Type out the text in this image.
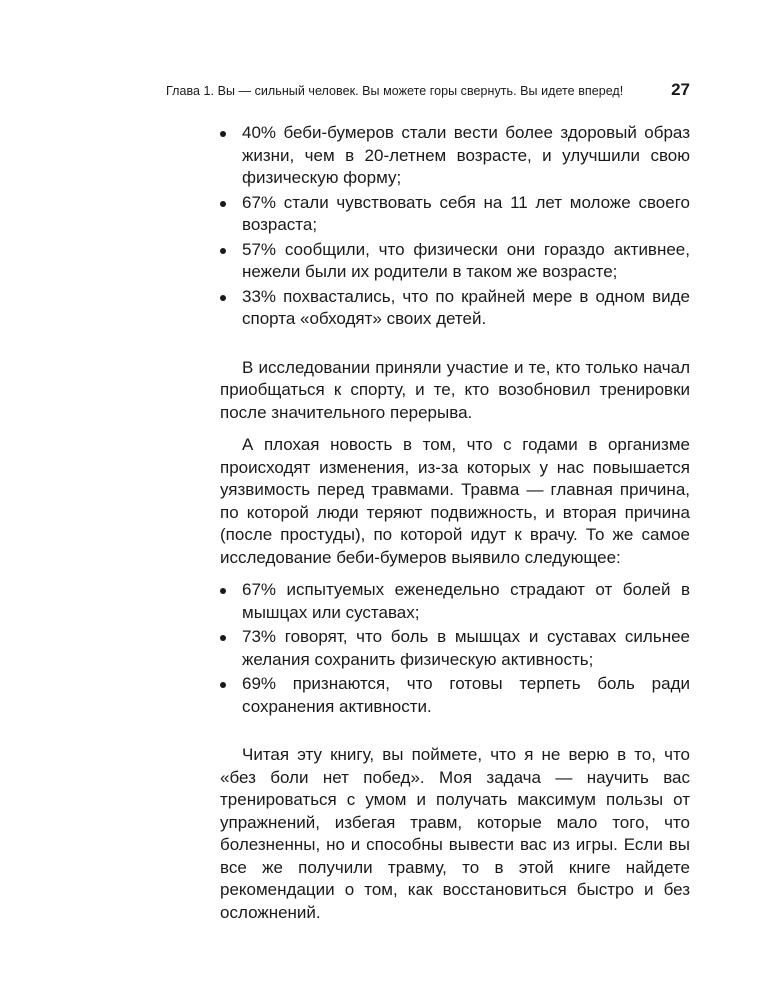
Глава 1. Вы — сильный человек. Вы можете горы свернуть. Вы идете вперед!	27
40% беби-бумеров стали вести более здоровый образ жизни, чем в 20-летнем возрасте, и улучшили свою физическую форму;
67% стали чувствовать себя на 11 лет моложе своего возраста;
57% сообщили, что физически они гораздо активнее, нежели были их родители в таком же возрасте;
33% похвастались, что по крайней мере в одном виде спорта «обходят» своих детей.

В исследовании приняли участие и те, кто только начал приобщаться к спорту, и те, кто возобновил тренировки после значительного перерыва.

А плохая новость в том, что с годами в организме происходят изменения, из-за которых у нас повышается уязвимость перед травмами. Травма — главная причина, по которой люди теряют подвижность, и вторая причина (после простуды), по которой идут к врачу. То же самое исследование беби-бумеров выявило следующее:

67% испытуемых еженедельно страдают от болей в мышцах или суставах;
73% говорят, что боль в мышцах и суставах сильнее желания сохранить физическую активность;
69% признаются, что готовы терпеть боль ради сохранения активности.

Читая эту книгу, вы поймете, что я не верю в то, что «без боли нет побед». Моя задача — научить вас тренироваться с умом и получать максимум пользы от упражнений, избегая травм, которые мало того, что болезненны, но и способны вывести вас из игры. Если вы все же получили травму, то в этой книге найдете рекомендации о том, как восстановиться быстро и без осложнений.
